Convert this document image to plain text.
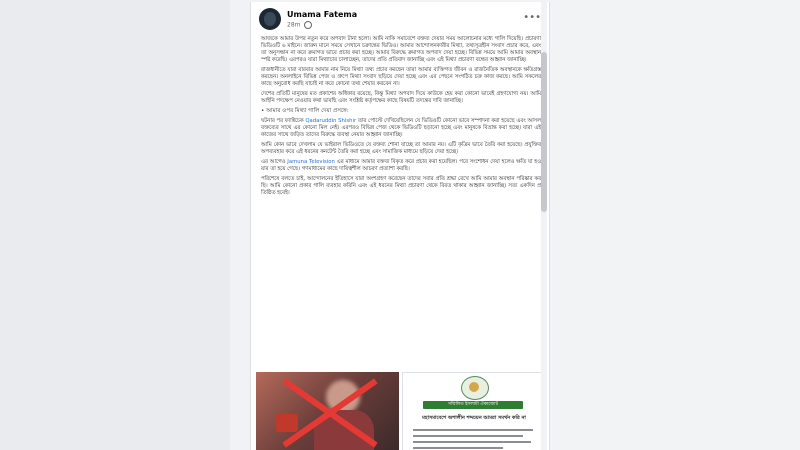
Umama Fatema
28m
•••

আজকে আমার উপর নতুন করে অপবাদ টানা হলো। আমি নাকি সমাবেশে বক্তব্য দেয়ার সময় আলোচনার মধ্যে গালি দিয়েছি। প্রচারণা ভিডিওটি ৬ মাইনে। জারুন মানে সময়ে সেখানে চক্রান্তের ভিডিও। আমার আন্দোলনকারীর মিথ্যা, তথ্যসূত্রহীন সংবাদ প্রচার করে, এবং তা অনুসন্ধান না করে ক্রমাগত ভাবে প্রচার করা হচ্ছে। আমার বিরুদ্ধে ক্রমাগত অপবাদ দেয়া হচ্ছে। বিভিন্ন সময়ে আমি আমার অবস্থান স্পষ্ট করেছি। এরপরও যারা মিথ্যাচার চালাচ্ছেন, তাদের প্রতি প্রতিবাদ জানাচ্ছি এবং এই মিথ্যা প্রচারণা বন্ধের আহ্বান জানাচ্ছি।

রাজধানীতে যারা বারবার আমার নাম নিয়ে মিথ্যা তথ্য প্রচার করছেন তারা আমার ব্যক্তিগত জীবন ও রাজনৈতিক অবস্থানকে ক্ষতিগ্রস্ত করছেন। অনলাইনে বিভিন্ন পেজ ও গ্রুপে মিথ্যা সংবাদ ছড়িয়ে দেয়া হচ্ছে এবং এর পেছনে সংগঠিত চক্র কাজ করছে। আমি সকলের কাছে অনুরোধ করছি যাচাই না করে কোনো তথ্য শেয়ার করবেন না।

দেশের প্রতিটি মানুষের মত প্রকাশের অধিকার রয়েছে, কিন্তু মিথ্যা অপবাদ দিয়ে কাউকে হেয় করা কোনো ভাবেই গ্রহণযোগ্য নয়। আমি আইনি পদক্ষেপ নেওয়ার কথা ভাবছি এবং সংশ্লিষ্ট কর্তৃপক্ষের কাছে বিষয়টি তদন্তের দাবি জানাচ্ছি।

• আমার ওপর মিথ্যা গালি দেয়া প্রসঙ্গে:

ঘটনার পর ফ্যাক্টচেক Qadaruddin Shishir তার পোস্টে দেখিয়েছিলেন যে ভিডিওটি কোনো ভাবে সম্পাদনা করা হয়েছে এবং আসল বক্তব্যের সাথে এর কোনো মিল নেই। এরপরও বিভিন্ন পেজ থেকে ভিডিওটি ছড়ানো হচ্ছে এবং মানুষকে বিভ্রান্ত করা হচ্ছে। যারা এই কাজের সাথে জড়িত তাদের বিরুদ্ধে ব্যবস্থা নেয়ার আহ্বান জানাচ্ছি।

আমি কোন ভাবে দেখলাম যে ভাইরাল ভিডিওতে যে বক্তব্য শোনা যাচ্ছে তা আমার নয়। এটি কৃত্রিম ভাবে তৈরি করা হয়েছে। প্রযুক্তির অপব্যবহার করে এই ধরনের কনটেন্ট তৈরি করা হচ্ছে এবং সামাজিক মাধ্যমে ছড়িয়ে দেয়া হচ্ছে।

এর আগেও Jamuna Television এর মাধ্যমে আমার বক্তব্য বিকৃত করে প্রচার করা হয়েছিল। পরে সংশোধন দেয়া হলেও ক্ষতি যা হওয়ার তা হয়ে গেছে। গণমাধ্যমের কাছে দায়িত্বশীল আচরণ প্রত্যাশা করছি।

পরিশেষে বলতে চাই, আন্দোলনের ইতিহাসে যারা অংশগ্রহণ করেছেন তাদের সবার প্রতি শ্রদ্ধা রেখে আমি আমার অবস্থান পরিষ্কার করছি। আমি কোনো প্রকার গালি ব্যবহার করিনি এবং এই ধরনের মিথ্যা প্রচারণা থেকে বিরত থাকার আহ্বান জানাচ্ছি। সত্য একদিন প্রতিষ্ঠিত হবেই।

সম্মিলিত ইসলামী ঐক্যজোট
মহাসমাবেশে অশালীন শব্দচয়ন আমরা সমর্থন করি না
